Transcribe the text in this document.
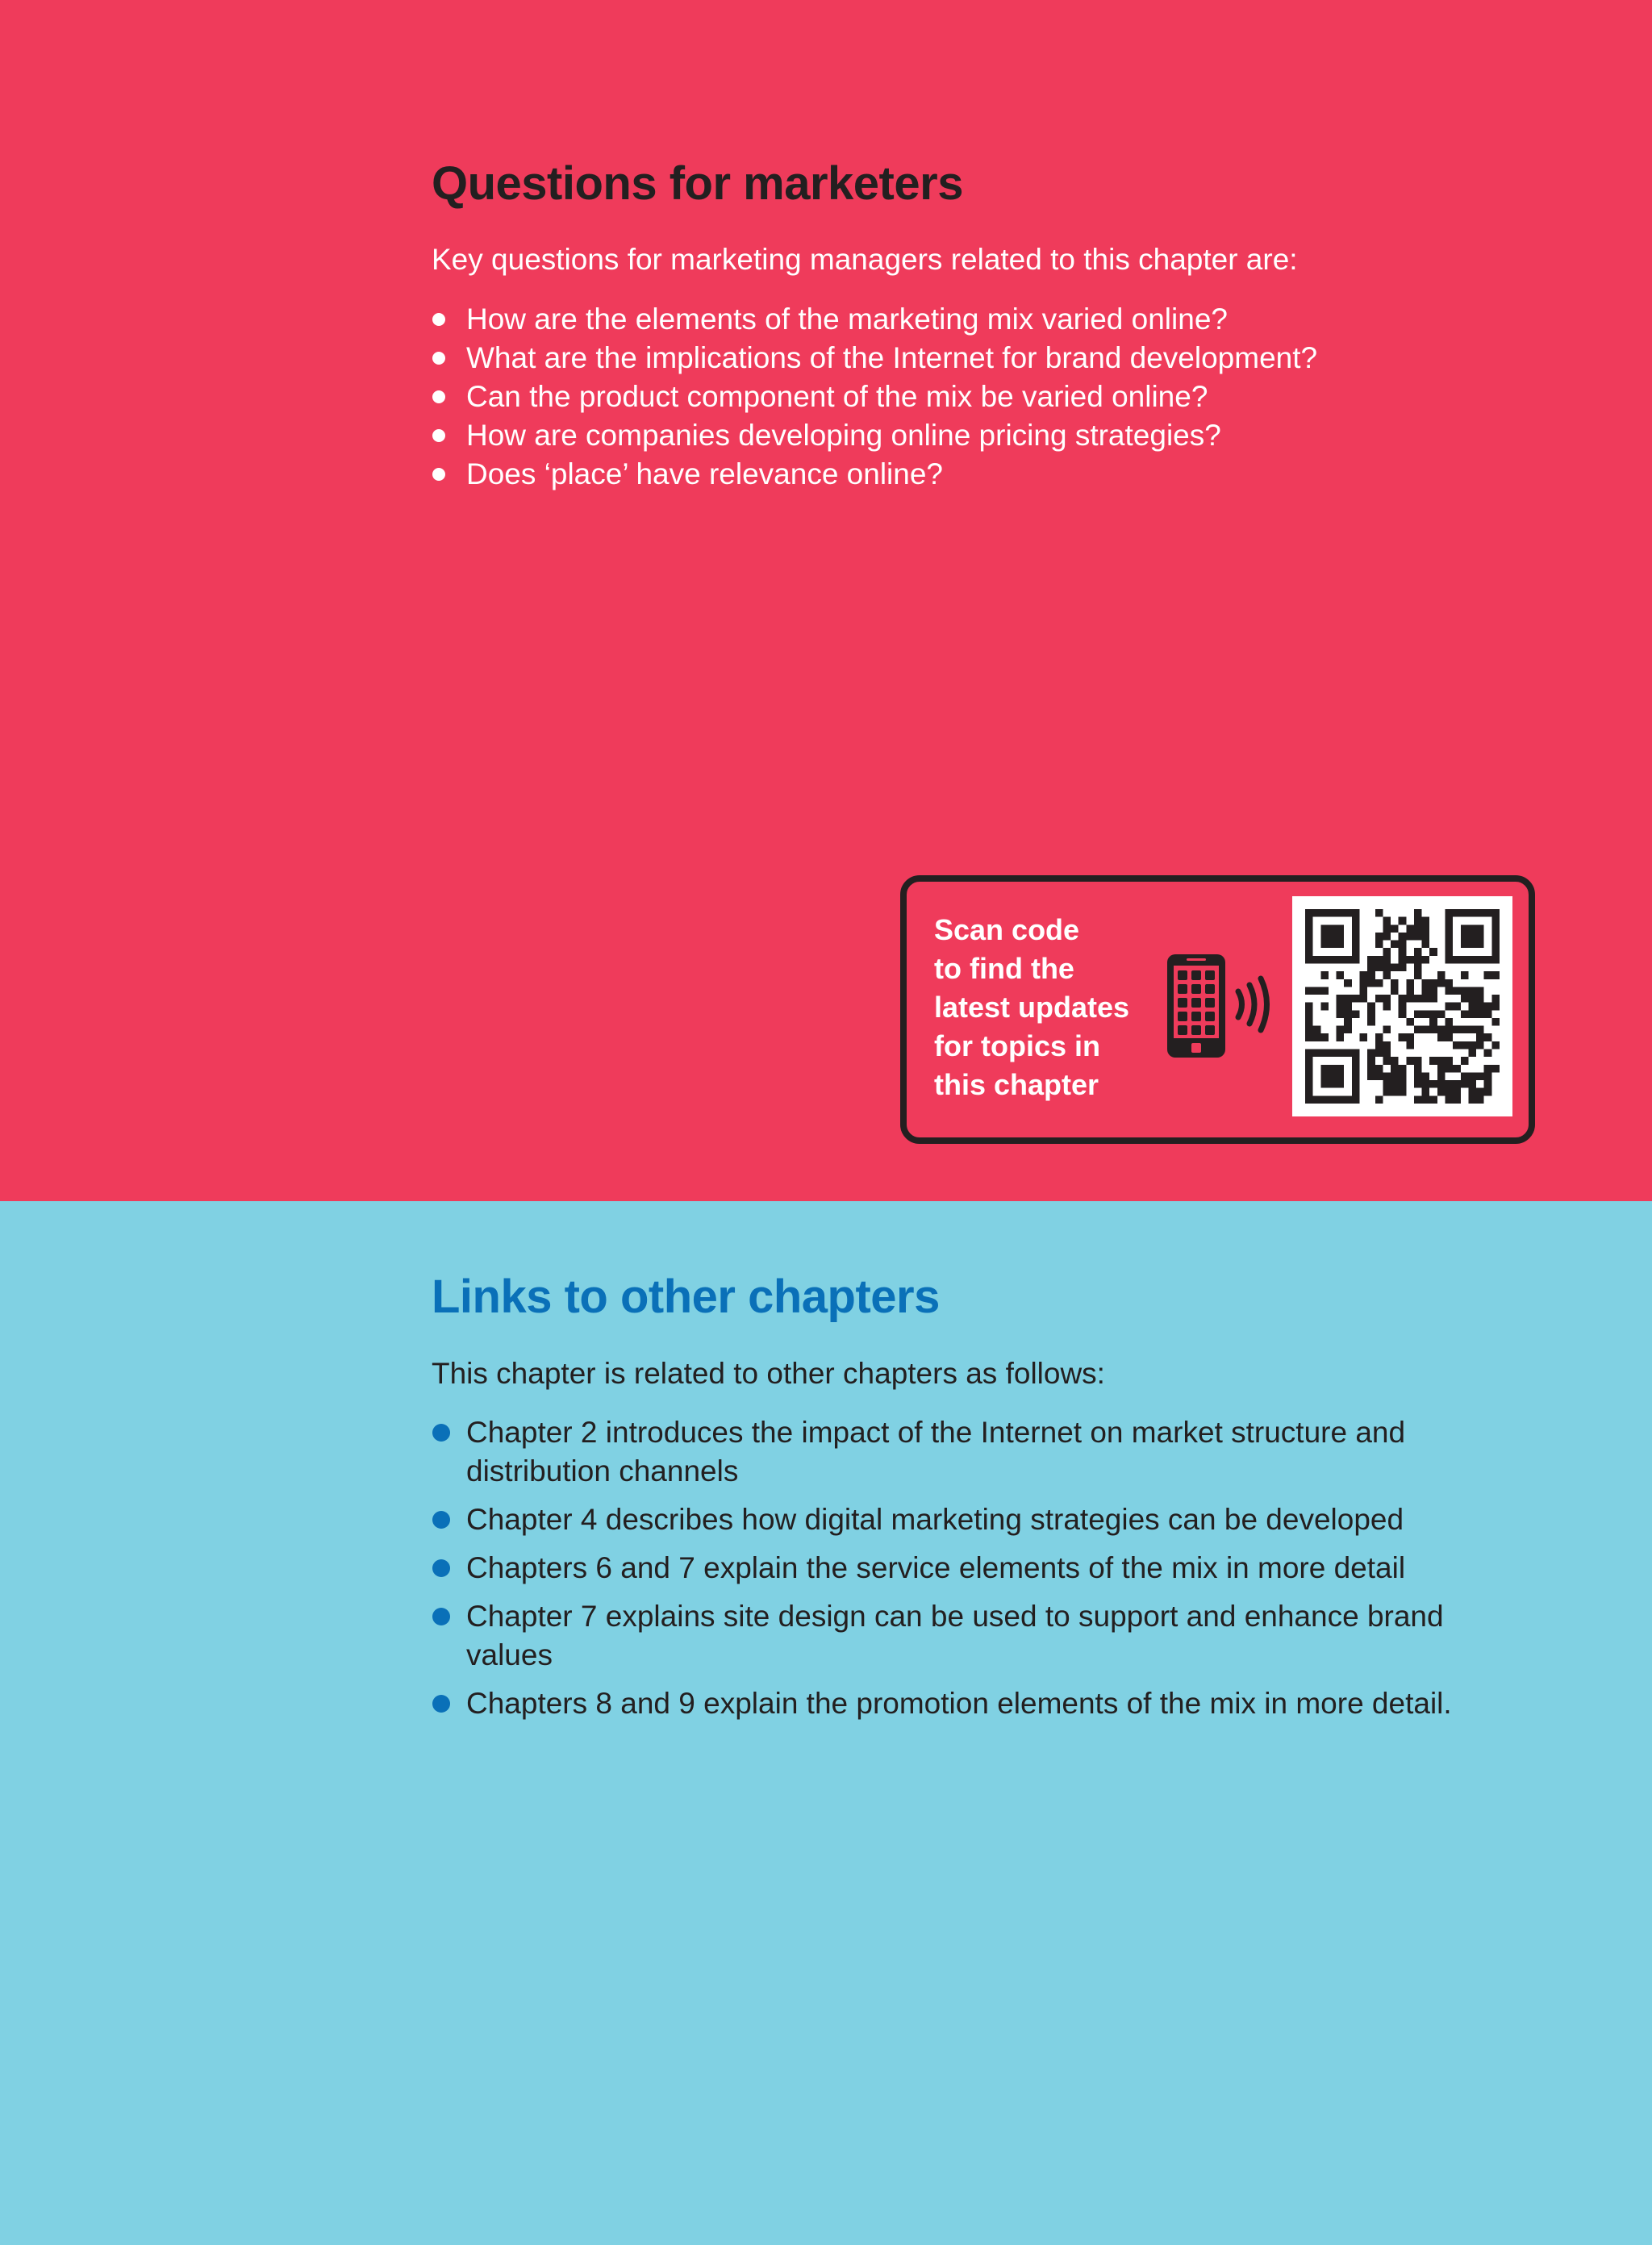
Questions for marketers

Key questions for marketing managers related to this chapter are:

How are the elements of the marketing mix varied online?
What are the implications of the Internet for brand development?
Can the product component of the mix be varied online?
How are companies developing online pricing strategies?
Does ‘place’ have relevance online?

Scan code
to find the
latest updates
for topics in
this chapter

Links to other chapters

This chapter is related to other chapters as follows:

Chapter 2 introduces the impact of the Internet on market structure and distribution channels
Chapter 4 describes how digital marketing strategies can be developed
Chapters 6 and 7 explain the service elements of the mix in more detail
Chapter 7 explains site design can be used to support and enhance brand values
Chapters 8 and 9 explain the promotion elements of the mix in more detail.
